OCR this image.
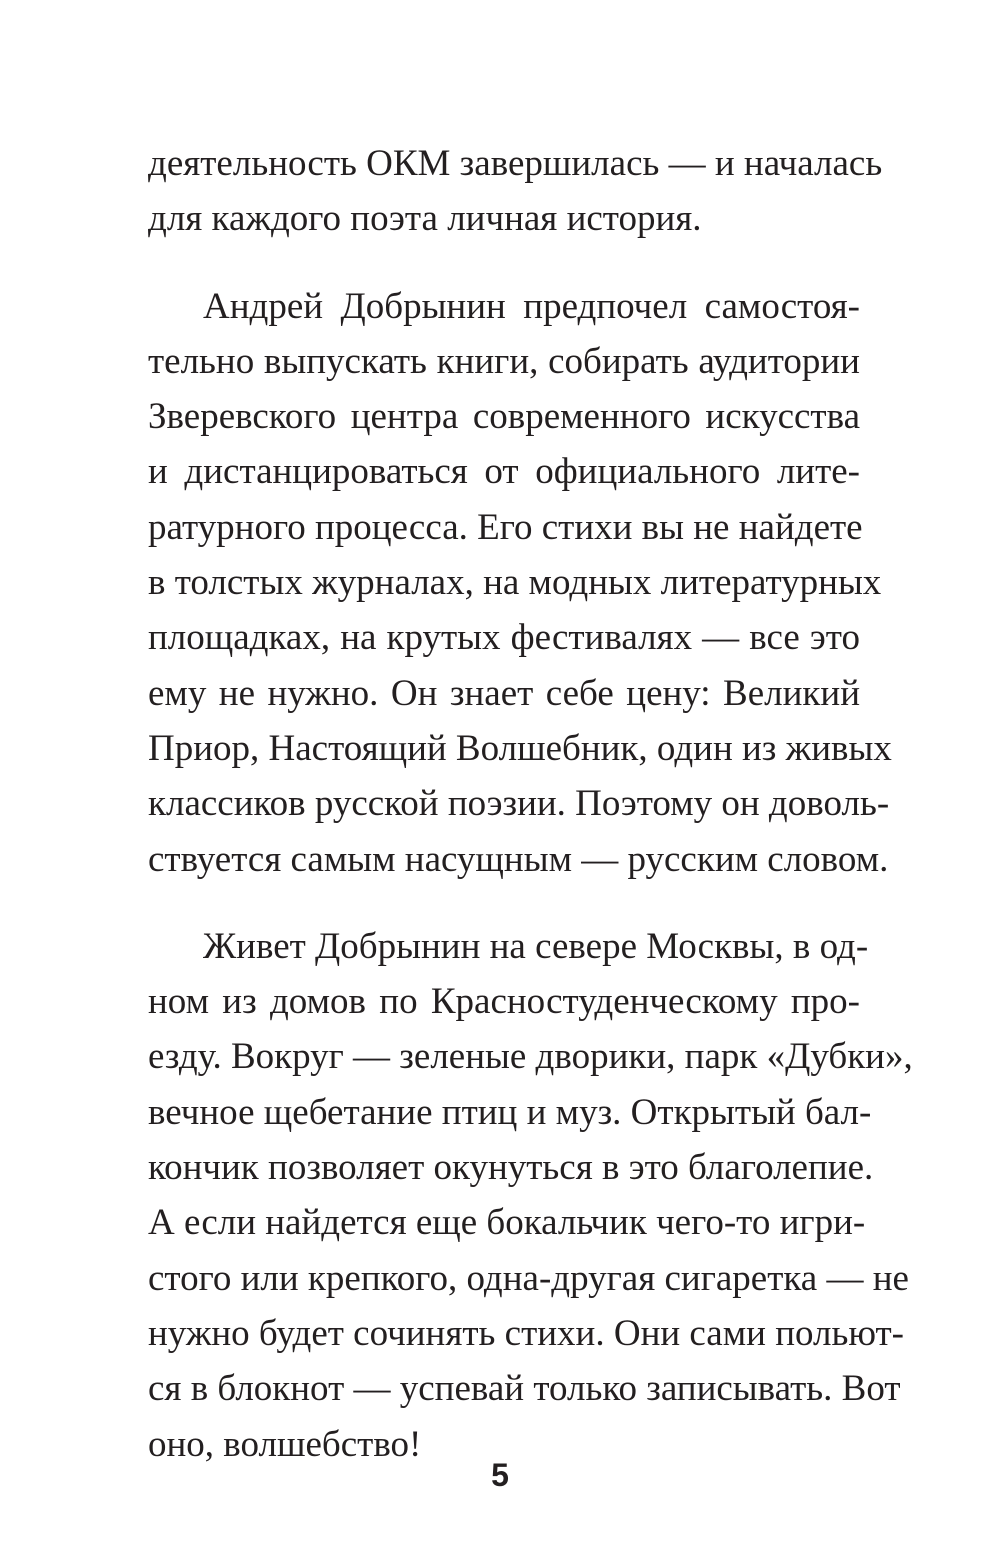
деятельность ОКМ завершилась — и началась
для каждого поэта личная история.

Андрей Добрынин предпочел самостоя-
тельно выпускать книги, собирать аудитории
Зверевского центра современного искусства
и дистанцироваться от официального лите-
ратурного процесса. Его стихи вы не найдете
в толстых журналах, на модных литературных
площадках, на крутых фестивалях — все это
ему не нужно. Он знает себе цену: Великий
Приор, Настоящий Волшебник, один из живых
классиков русской поэзии. Поэтому он доволь-
ствуется самым насущным — русским словом.

Живет Добрынин на севере Москвы, в од-
ном из домов по Красностуденческому про-
езду. Вокруг — зеленые дворики, парк «Дубки»,
вечное щебетание птиц и муз. Открытый бал-
кончик позволяет окунуться в это благолепие.
А если найдется еще бокальчик чего-то игри-
стого или крепкого, одна-другая сигаретка — не
нужно будет сочинять стихи. Они сами польют-
ся в блокнот — успевай только записывать. Вот
оно, волшебство!

5
